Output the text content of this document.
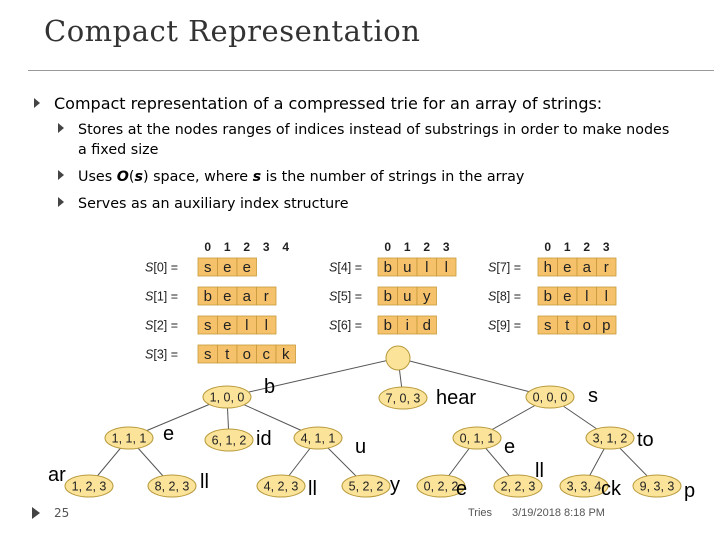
Compact Representation
Compact representation of a compressed trie for an array of strings:
Stores at the nodes ranges of indices instead of substrings in order to make nodes
a fixed size
Uses O(s) space, where s is the number of strings in the array
Serves as an auxiliary index structure
0 1 2 3 4
S[0] = s e e
S[1] = b e a r
S[2] = s e l l
S[3] = s t o c k
0 1 2 3
S[4] = b u l l
S[5] = b u y
S[6] = b i d
0 1 2 3
S[7] = h e a r
S[8] = b e l l
S[9] = s t o p
1, 0, 0	7, 0, 3	0, 0, 0
1, 1, 1	6, 1, 2	4, 1, 1	0, 1, 1	3, 1, 2
1, 2, 3	8, 2, 3	4, 2, 3	5, 2, 2	0, 2, 2	2, 2, 3	3, 3, 4	9, 3, 3
b	hear	s
e	id	u	e	to
ar	ll	ll	y	e
ll
ck	p
25	Tries 3/19/2018 8:18 PM
